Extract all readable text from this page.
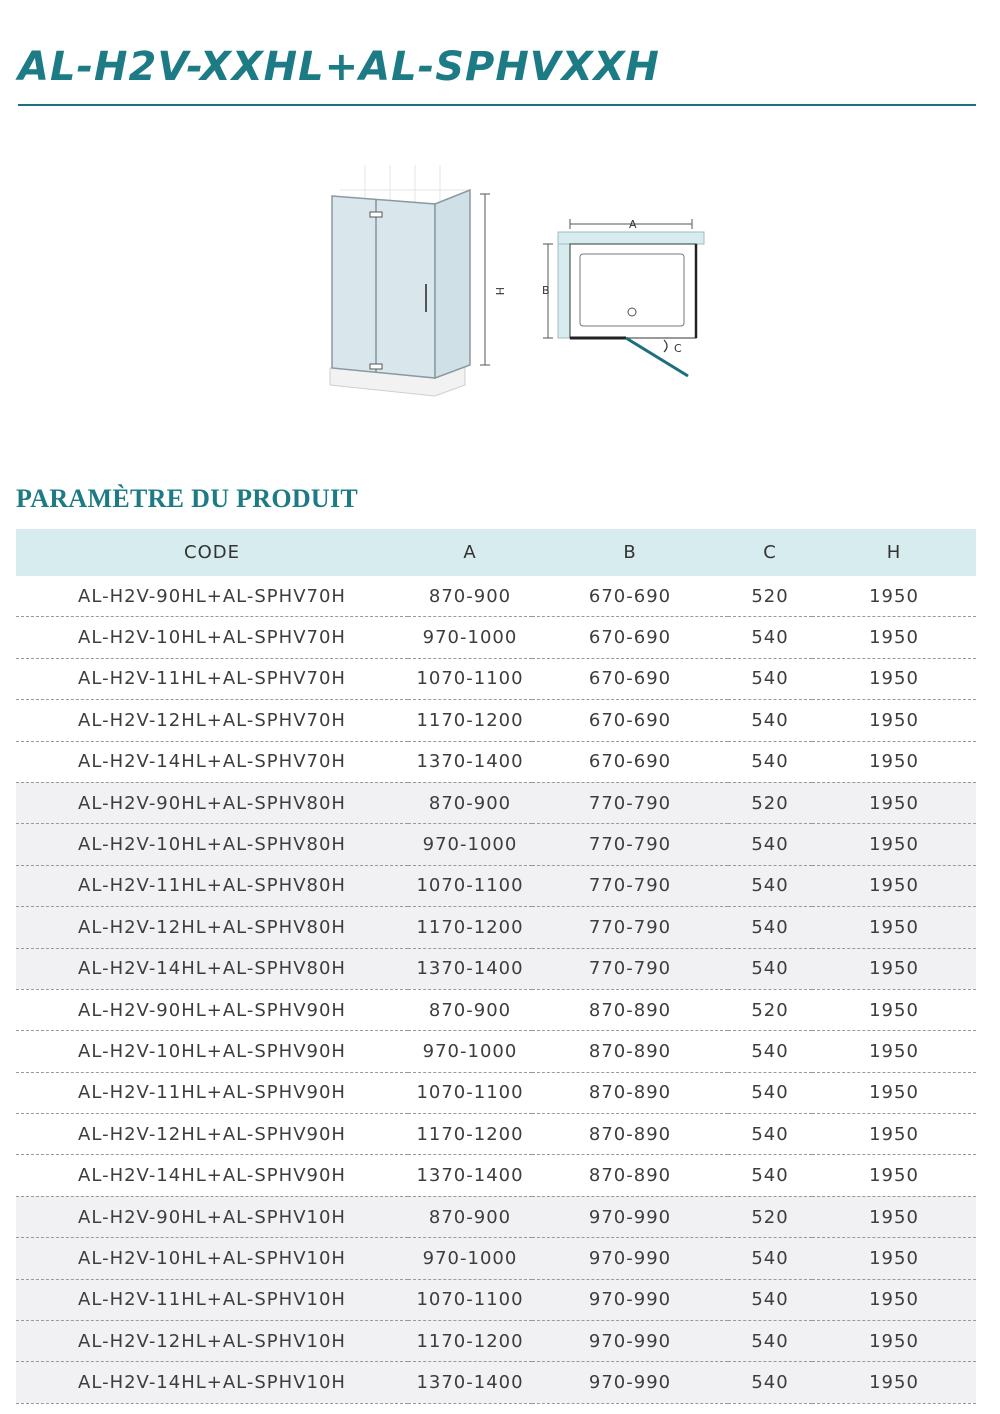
AL-H2V-XXHL+AL-SPHVXXH
H
A
B
C
PARAMÈTRE DU PRODUIT
CODE	A	B	C	H
AL-H2V-90HL+AL-SPHV70H	870-900	670-690	520	1950
AL-H2V-10HL+AL-SPHV70H	970-1000	670-690	540	1950
AL-H2V-11HL+AL-SPHV70H	1070-1100	670-690	540	1950
AL-H2V-12HL+AL-SPHV70H	1170-1200	670-690	540	1950
AL-H2V-14HL+AL-SPHV70H	1370-1400	670-690	540	1950
AL-H2V-90HL+AL-SPHV80H	870-900	770-790	520	1950
AL-H2V-10HL+AL-SPHV80H	970-1000	770-790	540	1950
AL-H2V-11HL+AL-SPHV80H	1070-1100	770-790	540	1950
AL-H2V-12HL+AL-SPHV80H	1170-1200	770-790	540	1950
AL-H2V-14HL+AL-SPHV80H	1370-1400	770-790	540	1950
AL-H2V-90HL+AL-SPHV90H	870-900	870-890	520	1950
AL-H2V-10HL+AL-SPHV90H	970-1000	870-890	540	1950
AL-H2V-11HL+AL-SPHV90H	1070-1100	870-890	540	1950
AL-H2V-12HL+AL-SPHV90H	1170-1200	870-890	540	1950
AL-H2V-14HL+AL-SPHV90H	1370-1400	870-890	540	1950
AL-H2V-90HL+AL-SPHV10H	870-900	970-990	520	1950
AL-H2V-10HL+AL-SPHV10H	970-1000	970-990	540	1950
AL-H2V-11HL+AL-SPHV10H	1070-1100	970-990	540	1950
AL-H2V-12HL+AL-SPHV10H	1170-1200	970-990	540	1950
AL-H2V-14HL+AL-SPHV10H	1370-1400	970-990	540	1950
